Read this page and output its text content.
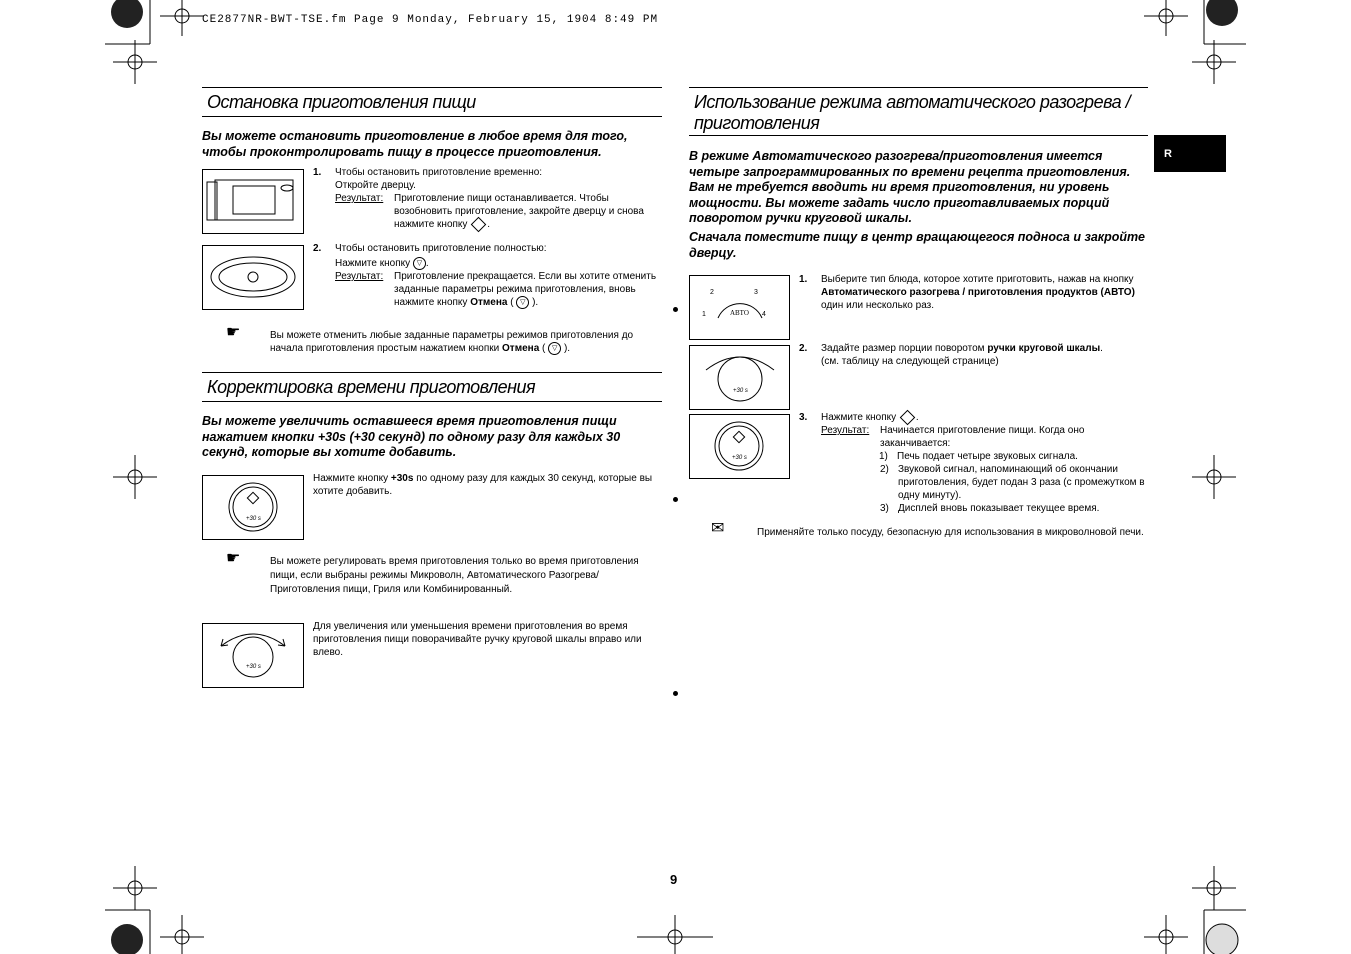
CE2877NR-BWT-TSE.fm Page 9 Monday, February 15, 1904 8:49 PM
R
Остановка приготовления пищи
Вы можете остановить приготовление в любое время для того, чтобы проконтролировать пищу в процессе приготовления.
1. Чтобы остановить приготовление временно:
Откройте дверцу.
Результат:	Приготовление пищи останавливается. Чтобы возобновить приготовление, закройте дверцу и снова нажмите кнопку .
2. Чтобы остановить приготовление полностью:
Нажмите кнопку ▽ .
Результат:	Приготовление прекращается. Если вы хотите отменить заданные параметры режима приготовления, вновь нажмите кнопку Отмена ( ▽ ).
☛	Вы можете отменить любые заданные параметры режимов приготовления до начала приготовления простым нажатием кнопки Отмена ( ▽ ).
Корректировка времени приготовления
Вы можете увеличить оставшееся время приготовления пищи нажатием кнопки +30s (+30 секунд) по одному разу для каждых 30 секунд, которые вы хотите добавить.
+30 s
Нажмите кнопку +30s по одному разу для каждых 30 секунд, которые вы хотите добавить.
☛	Вы можете регулировать время приготовления только во время приготовления пищи, если выбраны режимы Микроволн, Автоматического Разогрева/ Приготовления пищи, Гриля или Комбинированный.
+30 s
Для увеличения или уменьшения времени приготовления во время приготовления пищи поворачивайте ручку круговой шкалы вправо или влево.
Использование режима автоматического разогрева / приготовления
В режиме Автоматического разогрева/приготовления имеется четыре запрограммированных по времени рецепта приготовления. Вам не требуется вводить ни время приготовления, ни уровень мощности. Вы можете задать число приготавливаемых порций поворотом ручки круговой шкалы.
Сначала поместите пищу в центр вращающегося подноса и закройте дверцу.
2	3
1	4
АВТО
1. Выберите тип блюда, которое хотите приготовить, нажав на кнопку Автоматического разогрева / приготовления продуктов (АВТО) один или несколько раз.
+30 s
2. Задайте размер порции поворотом ручки круговой шкалы.
(см. таблицу на следующей странице)
+30 s
3. Нажмите кнопку .
Результат:	Начинается приготовление пищи. Когда оно заканчивается:
1) Печь подает четыре звуковых сигнала.
2) Звуковой сигнал, напоминающий об окончании приготовления, будет подан 3 раза (с промежутком в одну минуту).
3) Дисплей вновь показывает текущее время.
✉	Применяйте только посуду, безопасную для использования в микроволновой печи.
9
